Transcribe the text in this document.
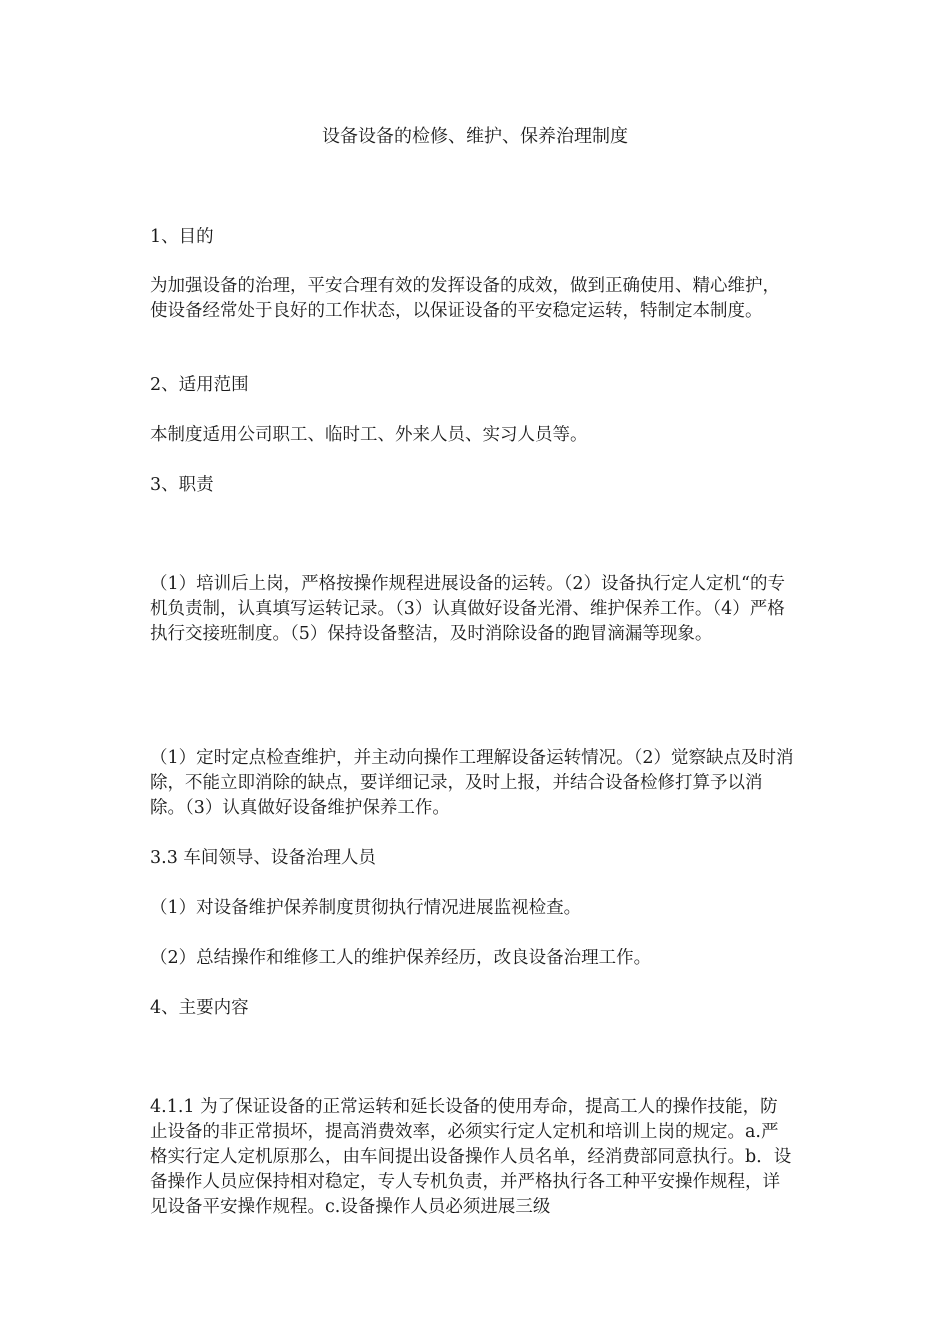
设备设备的检修、维护、保养治理制度

1、目的

为加强设备的治理，平安合理有效的发挥设备的成效，做到正确使用、精心维护，使设备经常处于良好的工作状态，以保证设备的平安稳定运转，特制定本制度。

2、适用范围

本制度适用公司职工、临时工、外来人员、实习人员等。

3、职责

（1）培训后上岗，严格按操作规程进展设备的运转。（2）设备执行定人定机“的专机负责制，认真填写运转记录。（3）认真做好设备光滑、维护保养工作。（4）严格执行交接班制度。（5）保持设备整洁，及时消除设备的跑冒滴漏等现象。

（1）定时定点检查维护，并主动向操作工理解设备运转情况。（2）觉察缺点及时消除，不能立即消除的缺点，要详细记录，及时上报，并结合设备检修打算予以消除。（3）认真做好设备维护保养工作。

3.3 车间领导、设备治理人员

（1）对设备维护保养制度贯彻执行情况进展监视检查。

（2）总结操作和维修工人的维护保养经历，改良设备治理工作。

4、主要内容

4.1.1 为了保证设备的正常运转和延长设备的使用寿命，提高工人的操作技能，防止设备的非正常损坏，提高消费效率，必须实行定人定机和培训上岗的规定。a.严格实行定人定机原那么，由车间提出设备操作人员名单，经消费部同意执行。b．设备操作人员应保持相对稳定，专人专机负责，并严格执行各工种平安操作规程，详见设备平安操作规程。c.设备操作人员必须进展三级
